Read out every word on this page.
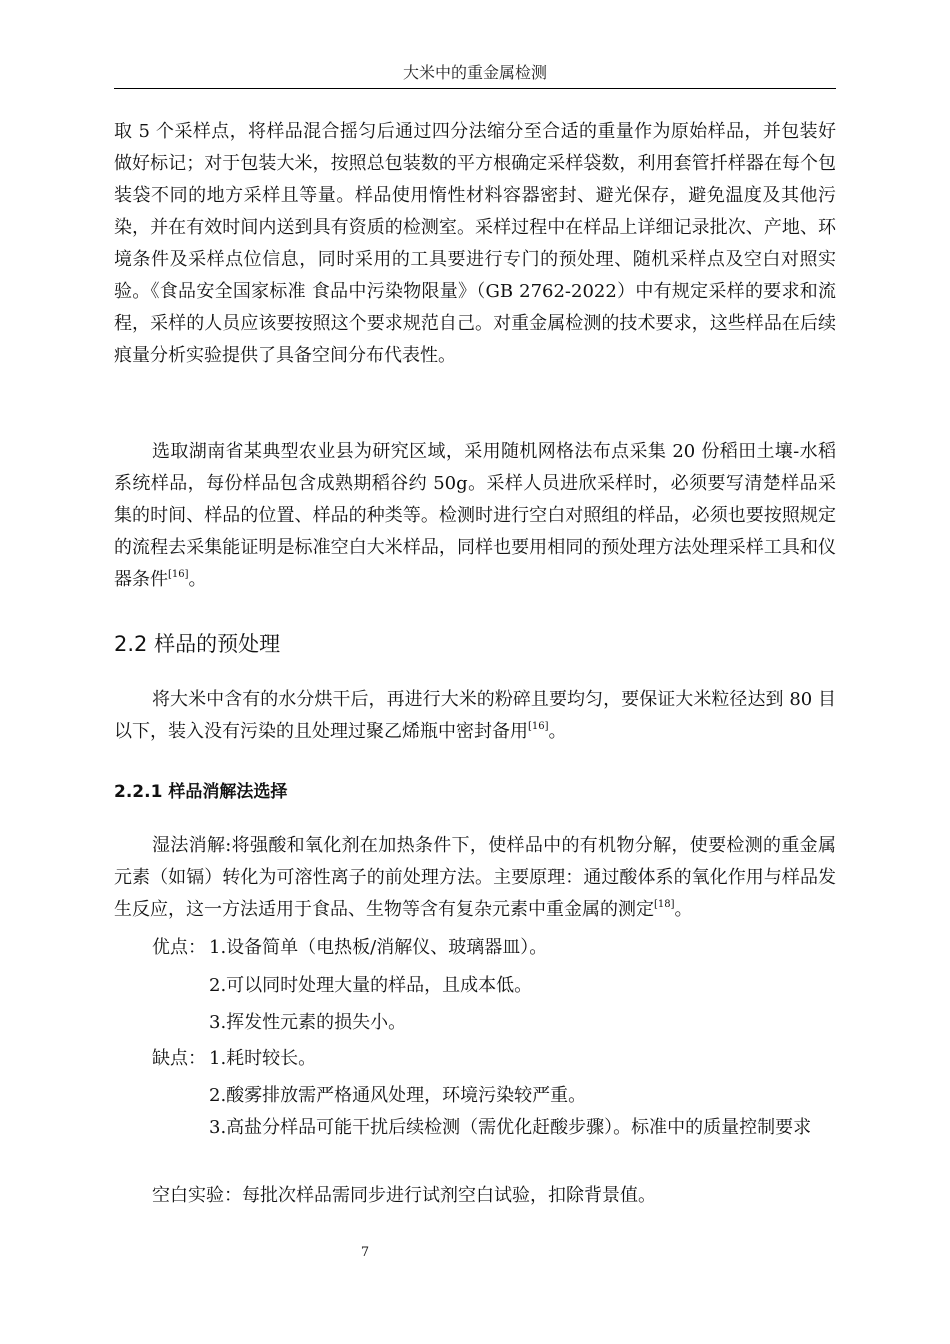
大米中的重金属检测

取 5 个采样点，将样品混合摇匀后通过四分法缩分至合适的重量作为原始样品，并包装好做好标记；对于包装大米，按照总包装数的平方根确定采样袋数，利用套管扦样器在每个包装袋不同的地方采样且等量。样品使用惰性材料容器密封、避光保存，避免温度及其他污染，并在有效时间内送到具有资质的检测室。采样过程中在样品上详细记录批次、产地、环境条件及采样点位信息，同时采用的工具要进行专门的预处理、随机采样点及空白对照实验。《食品安全国家标准 食品中污染物限量》（GB 2762-2022）中有规定采样的要求和流程，采样的人员应该要按照这个要求规范自己。对重金属检测的技术要求，这些样品在后续痕量分析实验提供了具备空间分布代表性。

选取湖南省某典型农业县为研究区域，采用随机网格法布点采集 20 份稻田土壤-水稻系统样品，每份样品包含成熟期稻谷约 50g。采样人员进欣采样时，必须要写清楚样品采集的时间、样品的位置、样品的种类等。检测时进行空白对照组的样品，必须也要按照规定的流程去采集能证明是标准空白大米样品，同样也要用相同的预处理方法处理采样工具和仪器条件[16]。

2.2 样品的预处理

将大米中含有的水分烘干后，再进行大米的粉碎且要均匀，要保证大米粒径达到 80 目以下，装入没有污染的且处理过聚乙烯瓶中密封备用[16]。

2.2.1 样品消解法选择

湿法消解:将强酸和氧化剂在加热条件下，使样品中的有机物分解，使要检测的重金属元素（如镉）转化为可溶性离子的前处理方法。主要原理：通过酸体系的氧化作用与样品发生反应，这一方法适用于食品、生物等含有复杂元素中重金属的测定[18]。

优点： 1.设备简单（电热板/消解仪、玻璃器皿）。
2.可以同时处理大量的样品，且成本低。
3.挥发性元素的损失小。
缺点： 1.耗时较长。
2.酸雾排放需严格通风处理，环境污染较严重。

3.高盐分样品可能干扰后续检测（需优化赶酸步骤）。标准中的质量控制要求

空白实验：每批次样品需同步进行试剂空白试验，扣除背景值。
7
